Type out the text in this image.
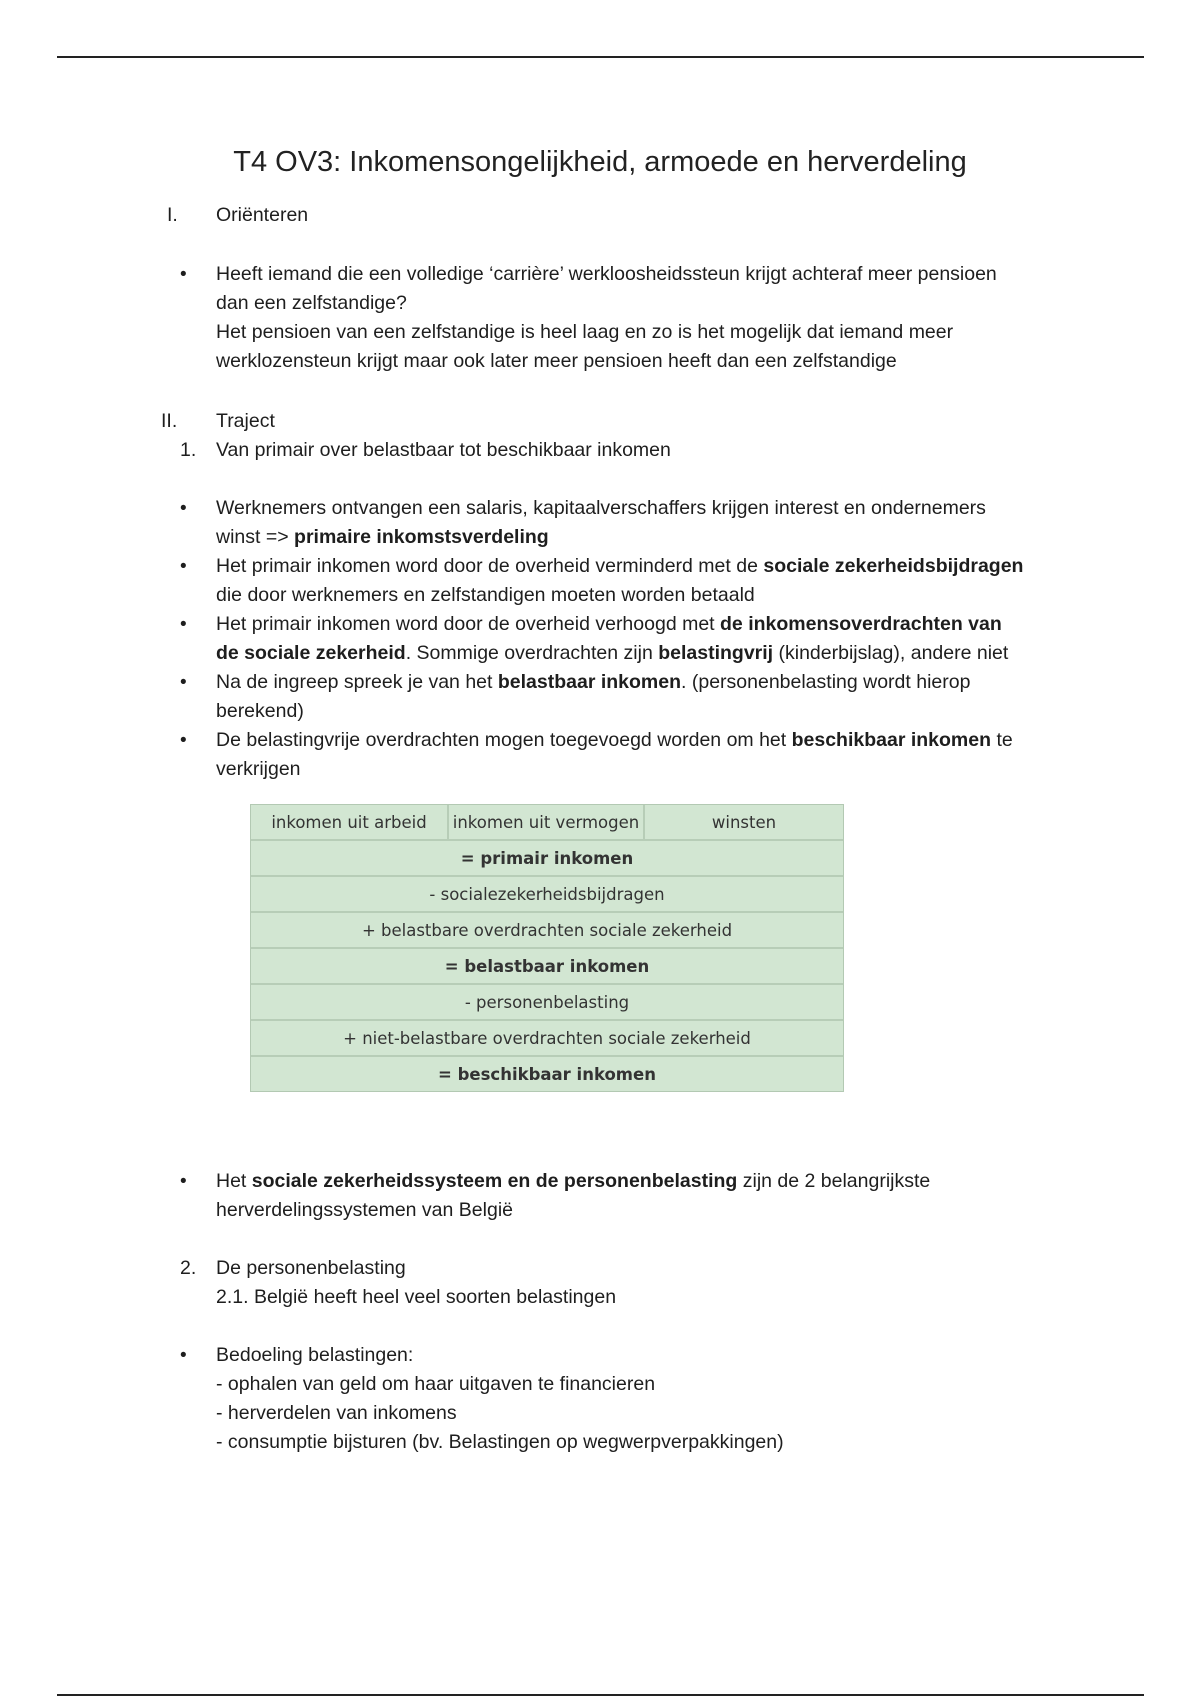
T4 OV3: Inkomensongelijkheid, armoede en herverdeling
I. Oriënteren
• Heeft iemand die een volledige ‘carrière’ werkloosheidssteun krijgt achteraf meer pensioen
dan een zelfstandige?
Het pensioen van een zelfstandige is heel laag en zo is het mogelijk dat iemand meer
werklozensteun krijgt maar ook later meer pensioen heeft dan een zelfstandige
II. Traject
1. Van primair over belastbaar tot beschikbaar inkomen
• Werknemers ontvangen een salaris, kapitaalverschaffers krijgen interest en ondernemers
winst => primaire inkomstsverdeling
• Het primair inkomen word door de overheid verminderd met de sociale zekerheidsbijdragen
die door werknemers en zelfstandigen moeten worden betaald
• Het primair inkomen word door de overheid verhoogd met de inkomensoverdrachten van
de sociale zekerheid. Sommige overdrachten zijn belastingvrij (kinderbijslag), andere niet
• Na de ingreep spreek je van het belastbaar inkomen. (personenbelasting wordt hierop
berekend)
• De belastingvrije overdrachten mogen toegevoegd worden om het beschikbaar inkomen te
verkrijgen
inkomen uit arbeid	inkomen uit vermogen	winsten
= primair inkomen
- socialezekerheidsbijdragen
+ belastbare overdrachten sociale zekerheid
= belastbaar inkomen
- personenbelasting
+ niet-belastbare overdrachten sociale zekerheid
= beschikbaar inkomen
• Het sociale zekerheidssysteem en de personenbelasting zijn de 2 belangrijkste
herverdelingssystemen van België
2. De personenbelasting
2.1. België heeft heel veel soorten belastingen
• Bedoeling belastingen:
- ophalen van geld om haar uitgaven te financieren
- herverdelen van inkomens
- consumptie bijsturen (bv. Belastingen op wegwerpverpakkingen)
